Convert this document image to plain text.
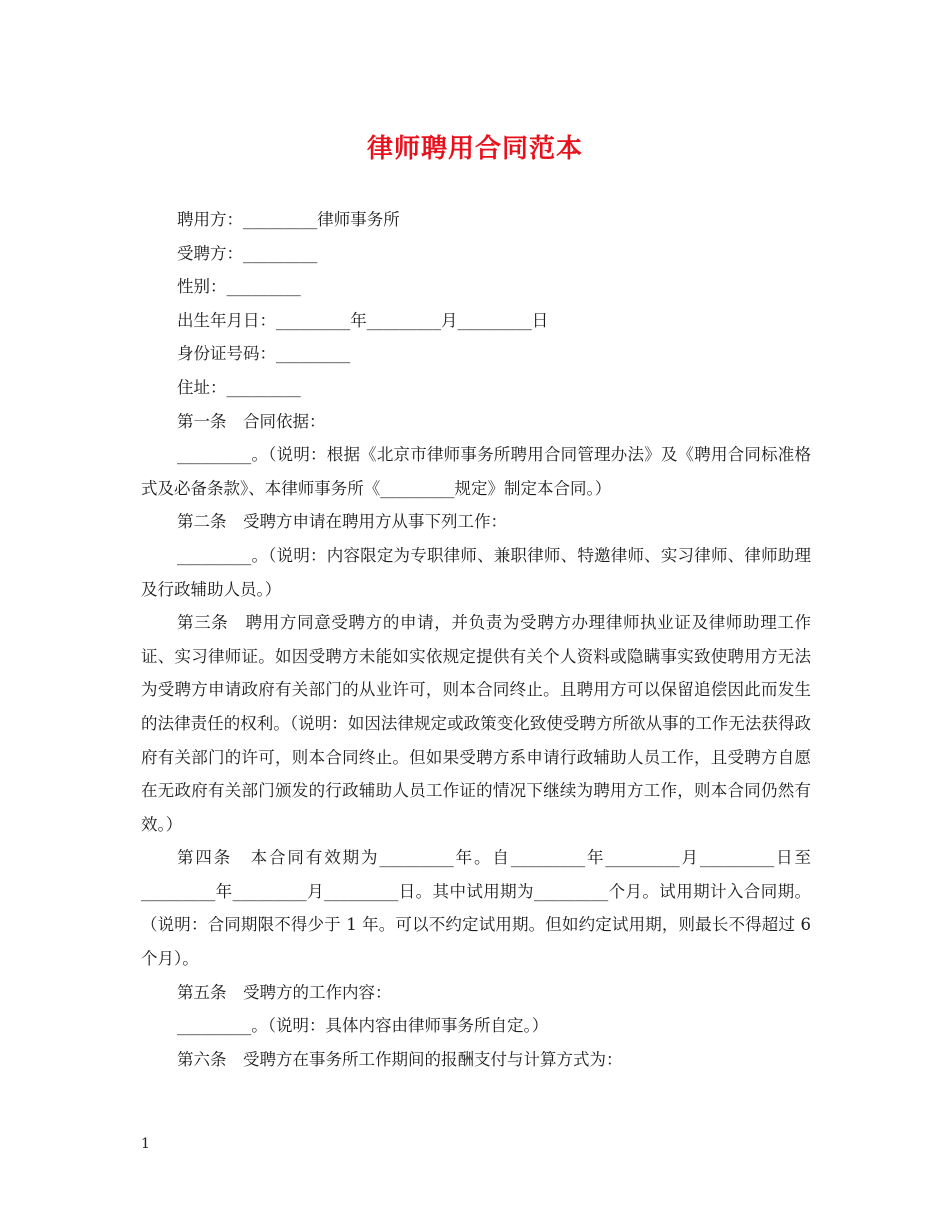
律师聘用合同范本

聘用方：_________律师事务所

受聘方：_________

性别：_________

出生年月日：_________年_________月_________日

身份证号码：_________

住址：_________

第一条　合同依据：

_________。（说明：根据《北京市律师事务所聘用合同管理办法》及《聘用合同标准格式及必备条款》、本律师事务所《_________规定》制定本合同。）

第二条　受聘方申请在聘用方从事下列工作：

_________。（说明：内容限定为专职律师、兼职律师、特邀律师、实习律师、律师助理及行政辅助人员。）

第三条　聘用方同意受聘方的申请，并负责为受聘方办理律师执业证及律师助理工作证、实习律师证。如因受聘方未能如实依规定提供有关个人资料或隐瞒事实致使聘用方无法为受聘方申请政府有关部门的从业许可，则本合同终止。且聘用方可以保留追偿因此而发生的法律责任的权利。（说明：如因法律规定或政策变化致使受聘方所欲从事的工作无法获得政府有关部门的许可，则本合同终止。但如果受聘方系申请行政辅助人员工作，且受聘方自愿在无政府有关部门颁发的行政辅助人员工作证的情况下继续为聘用方工作，则本合同仍然有效。）

第四条　本合同有效期为_________年。自_________年_________月_________日至_________年_________月_________日。其中试用期为_________个月。试用期计入合同期。（说明：合同期限不得少于 1 年。可以不约定试用期。但如约定试用期，则最长不得超过 6 个月）。

第五条　受聘方的工作内容：

_________。（说明：具体内容由律师事务所自定。）

第六条　受聘方在事务所工作期间的报酬支付与计算方式为：

1
